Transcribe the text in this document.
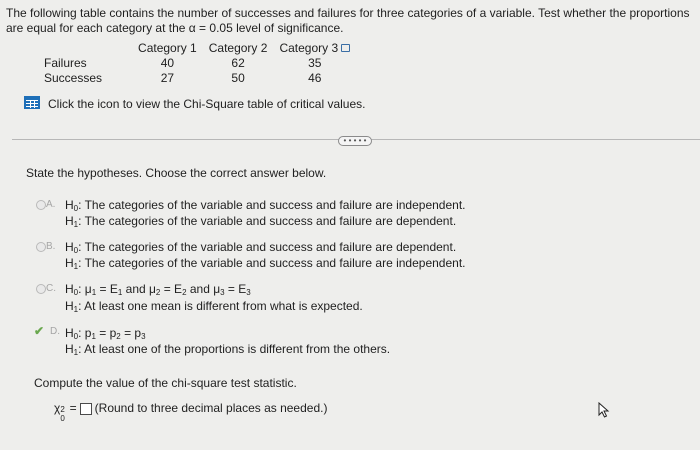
The following table contains the number of successes and failures for three categories of a variable. Test whether the proportions are equal for each category at the α = 0.05 level of significance.
	Category 1	Category 2	Category 3
Failures	40	62	35
Successes	27	50	46
Click the icon to view the Chi-Square table of critical values.
• • • • •
State the hypotheses. Choose the correct answer below.
A. $H_0$: The categories of the variable and success and failure are independent.
$H_1$: The categories of the variable and success and failure are dependent.
B. $H_0$: The categories of the variable and success and failure are dependent.
$H_1$: The categories of the variable and success and failure are independent.
C. $H_0$: $\mu_1 = E_1$ and $\mu_2 = E_2$ and $\mu_3 = E_3$
$H_1$: At least one mean is different from what is expected.
✔ D. $H_0$: $p_1 = p_2 = p_3$
$H_1$: At least one of the proportions is different from the others.
Compute the value of the chi-square test statistic.
χ 2
0
= (Round to three decimal places as needed.)
